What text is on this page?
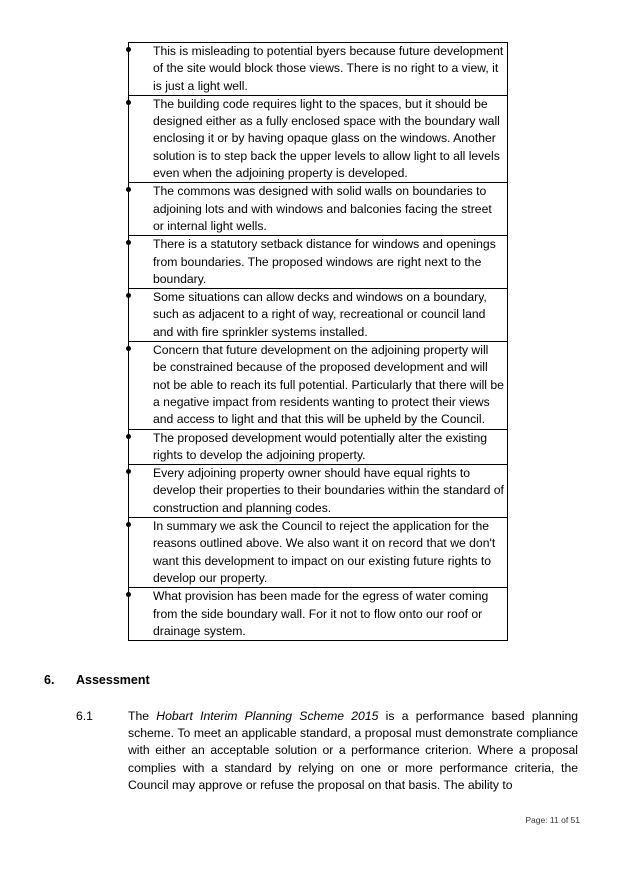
This is misleading to potential byers because future development of the site would block those views. There is no right to a view, it is just a light well.

The building code requires light to the spaces, but it should be designed either as a fully enclosed space with the boundary wall enclosing it or by having opaque glass on the windows. Another solution is to step back the upper levels to allow light to all levels even when the adjoining property is developed.

The commons was designed with solid walls on boundaries to adjoining lots and with windows and balconies facing the street or internal light wells.

There is a statutory setback distance for windows and openings from boundaries. The proposed windows are right next to the boundary.

Some situations can allow decks and windows on a boundary, such as adjacent to a right of way, recreational or council land and with fire sprinkler systems installed.

Concern that future development on the adjoining property will be constrained because of the proposed development and will not be able to reach its full potential. Particularly that there will be a negative impact from residents wanting to protect their views and access to light and that this will be upheld by the Council.

The proposed development would potentially alter the existing rights to develop the adjoining property.

Every adjoining property owner should have equal rights to develop their properties to their boundaries within the standard of construction and planning codes.

In summary we ask the Council to reject the application for the reasons outlined above. We also want it on record that we don't want this development to impact on our existing future rights to develop our property.

What provision has been made for the egress of water coming from the side boundary wall. For it not to flow onto our roof or drainage system.
6. Assessment
6.1	The Hobart Interim Planning Scheme 2015 is a performance based planning scheme. To meet an applicable standard, a proposal must demonstrate compliance with either an acceptable solution or a performance criterion. Where a proposal complies with a standard by relying on one or more performance criteria, the Council may approve or refuse the proposal on that basis. The ability to
Page: 11 of 51
